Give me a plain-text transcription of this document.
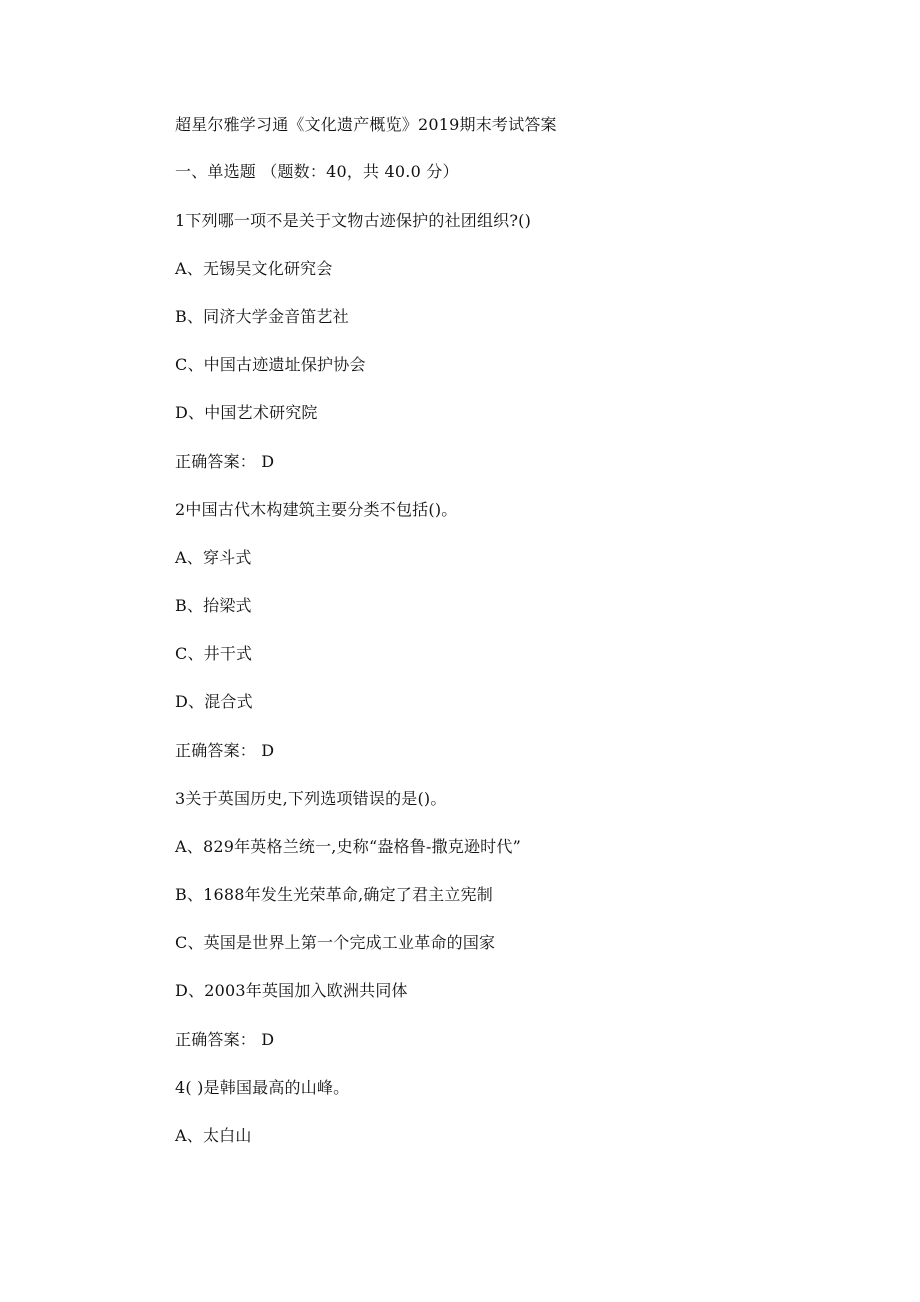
超星尔雅学习通《文化遗产概览》2019期末考试答案
一、单选题 （题数：40，共 40.0 分）
1下列哪一项不是关于文物古迹保护的社团组织?()
A、无锡吴文化研究会
B、同济大学金音笛艺社
C、中国古迹遗址保护协会
D、中国艺术研究院
正确答案： D
2中国古代木构建筑主要分类不包括()。
A、穿斗式
B、抬梁式
C、井干式
D、混合式
正确答案： D
3关于英国历史,下列选项错误的是()。
A、829年英格兰统一,史称“盎格鲁-撒克逊时代”
B、1688年发生光荣革命,确定了君主立宪制
C、英国是世界上第一个完成工业革命的国家
D、2003年英国加入欧洲共同体
正确答案： D
4( )是韩国最高的山峰。
A、太白山
